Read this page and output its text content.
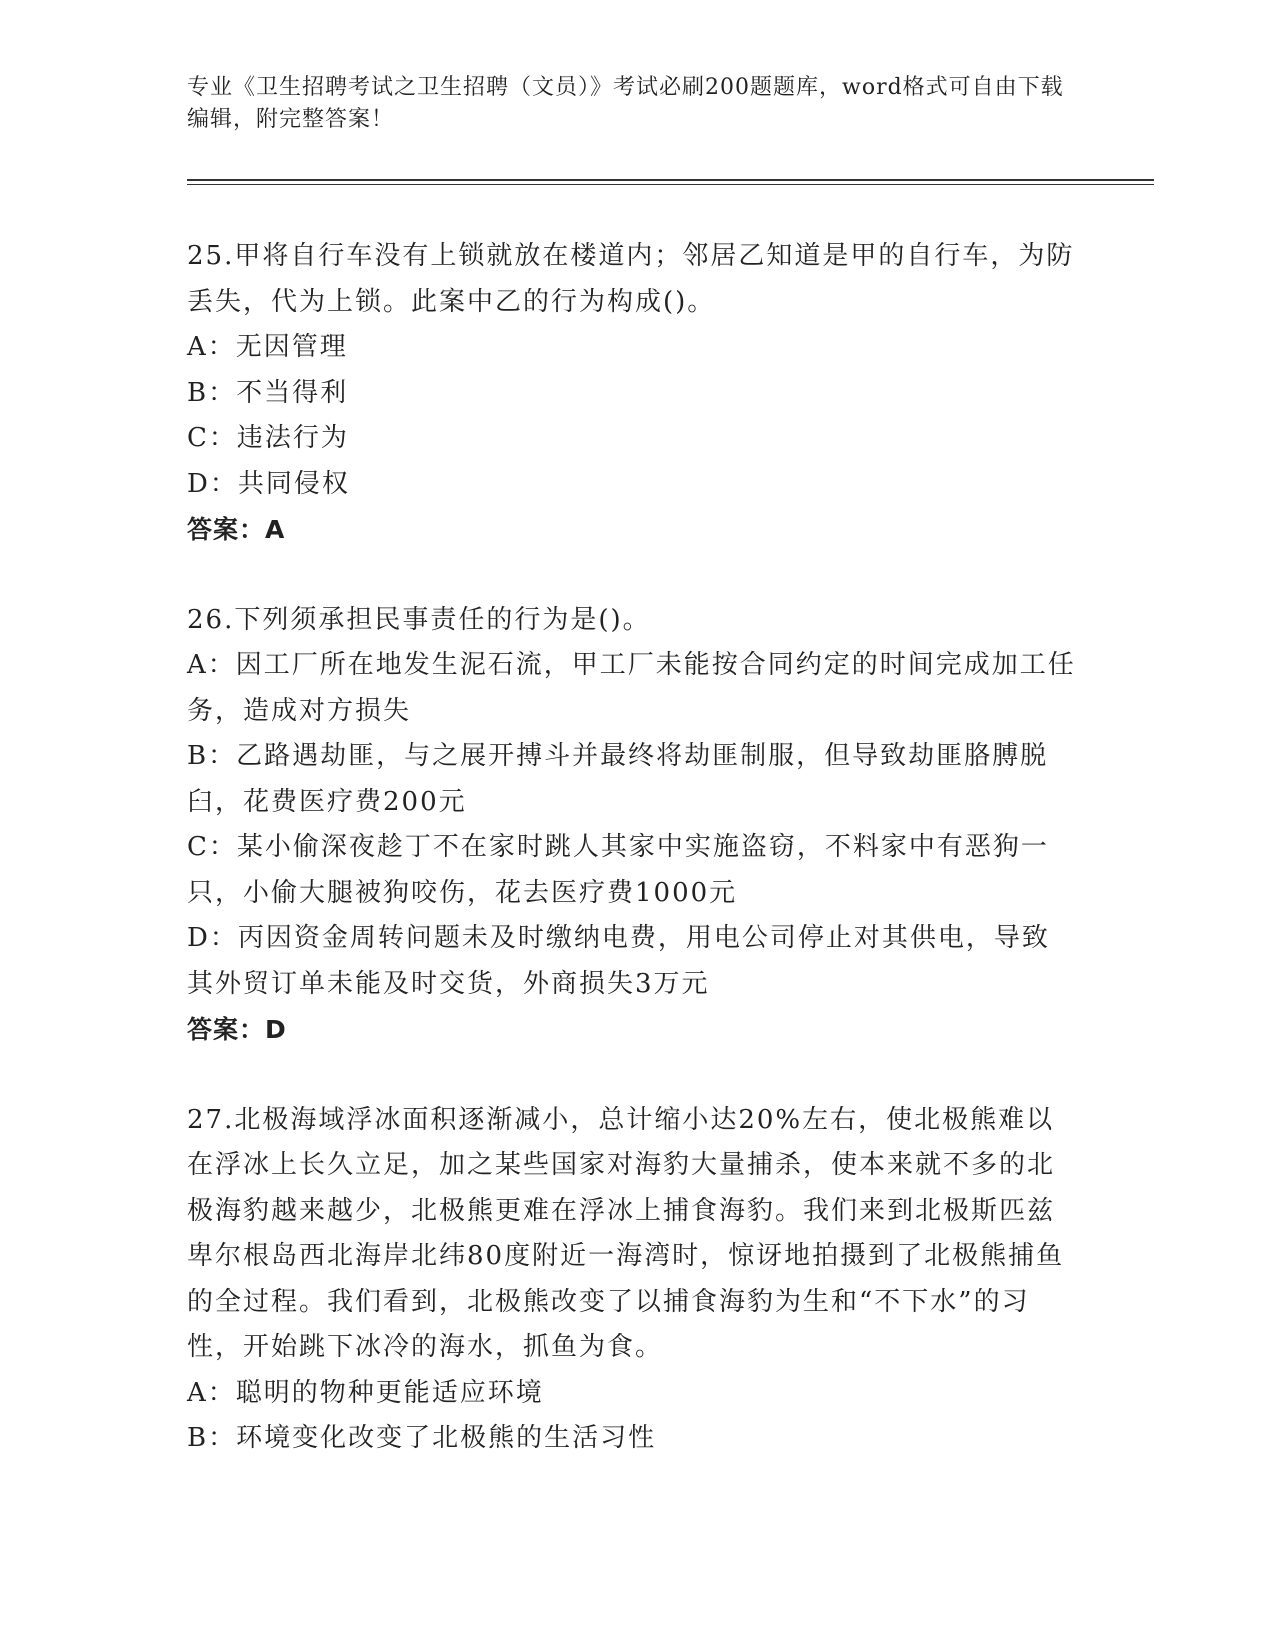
专业《卫生招聘考试之卫生招聘（文员）》考试必刷200题题库，word格式可自由下载编辑，附完整答案！

25.甲将自行车没有上锁就放在楼道内；邻居乙知道是甲的自行车，为防丢失，代为上锁。此案中乙的行为构成()。

A：无因管理

B：不当得利

C：违法行为

D：共同侵权

答案：A

26.下列须承担民事责任的行为是()。

A：因工厂所在地发生泥石流，甲工厂未能按合同约定的时间完成加工任务，造成对方损失

B：乙路遇劫匪，与之展开搏斗并最终将劫匪制服，但导致劫匪胳膊脱臼，花费医疗费200元

C：某小偷深夜趁丁不在家时跳人其家中实施盗窃，不料家中有恶狗一只，小偷大腿被狗咬伤，花去医疗费1000元

D：丙因资金周转问题未及时缴纳电费，用电公司停止对其供电，导致其外贸订单未能及时交货，外商损失3万元

答案：D

27.北极海域浮冰面积逐渐减小，总计缩小达20%左右，使北极熊难以在浮冰上长久立足，加之某些国家对海豹大量捕杀，使本来就不多的北极海豹越来越少，北极熊更难在浮冰上捕食海豹。我们来到北极斯匹兹卑尔根岛西北海岸北纬80度附近一海湾时，惊讶地拍摄到了北极熊捕鱼的全过程。我们看到，北极熊改变了以捕食海豹为生和“不下水”的习性，开始跳下冰冷的海水，抓鱼为食。

A：聪明的物种更能适应环境

B：环境变化改变了北极熊的生活习性
